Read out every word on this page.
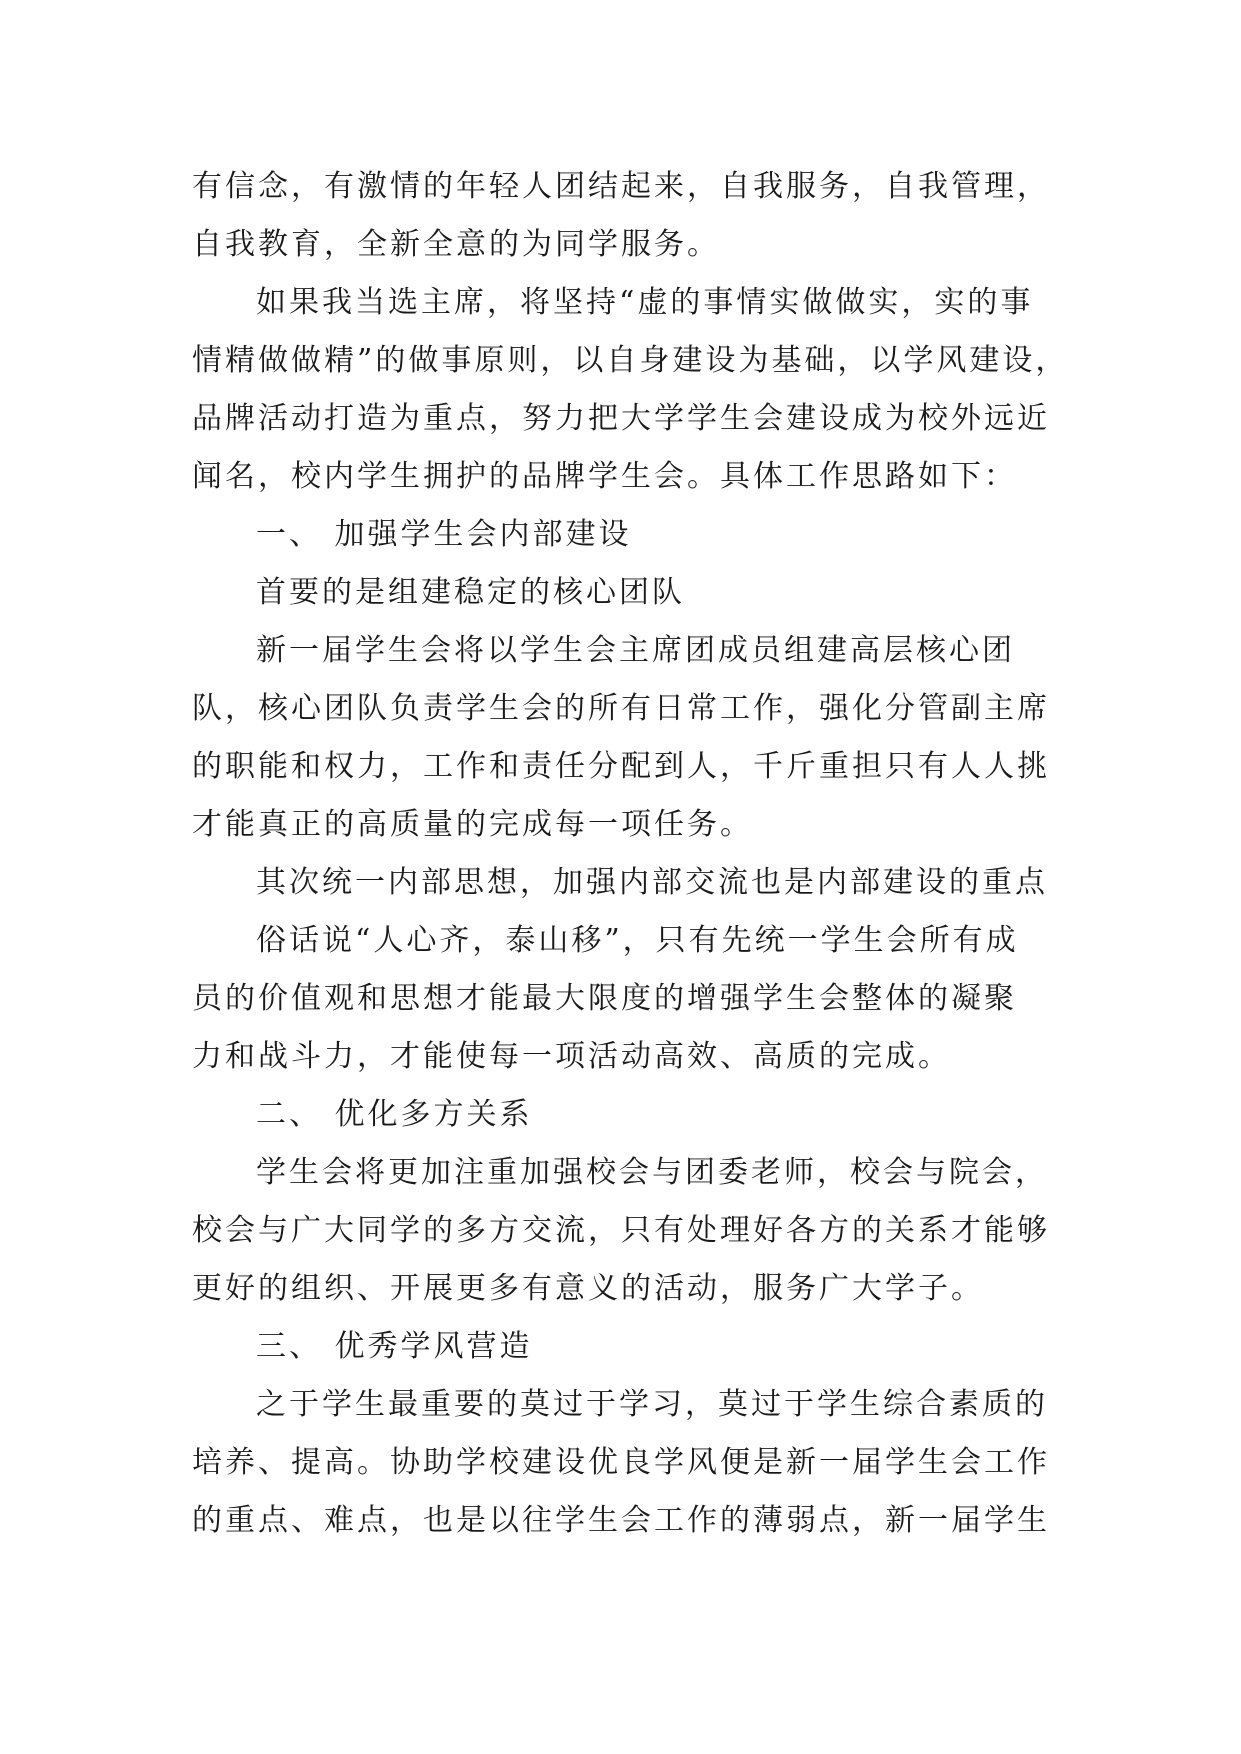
有信念，有激情的年轻人团结起来，自我服务，自我管理，
自我教育，全新全意的为同学服务。
如果我当选主席，将坚持“虚的事情实做做实，实的事
情精做做精”的做事原则，以自身建设为基础，以学风建设，
品牌活动打造为重点，努力把大学学生会建设成为校外远近
闻名，校内学生拥护的品牌学生会。具体工作思路如下：
一、 加强学生会内部建设
首要的是组建稳定的核心团队
新一届学生会将以学生会主席团成员组建高层核心团
队，核心团队负责学生会的所有日常工作，强化分管副主席
的职能和权力，工作和责任分配到人，千斤重担只有人人挑
才能真正的高质量的完成每一项任务。
其次统一内部思想，加强内部交流也是内部建设的重点
俗话说“人心齐，泰山移”，只有先统一学生会所有成
员的价值观和思想才能最大限度的增强学生会整体的凝聚
力和战斗力，才能使每一项活动高效、高质的完成。
二、 优化多方关系
学生会将更加注重加强校会与团委老师，校会与院会，
校会与广大同学的多方交流，只有处理好各方的关系才能够
更好的组织、开展更多有意义的活动，服务广大学子。
三、 优秀学风营造
之于学生最重要的莫过于学习，莫过于学生综合素质的
培养、提高。协助学校建设优良学风便是新一届学生会工作
的重点、难点，也是以往学生会工作的薄弱点，新一届学生
